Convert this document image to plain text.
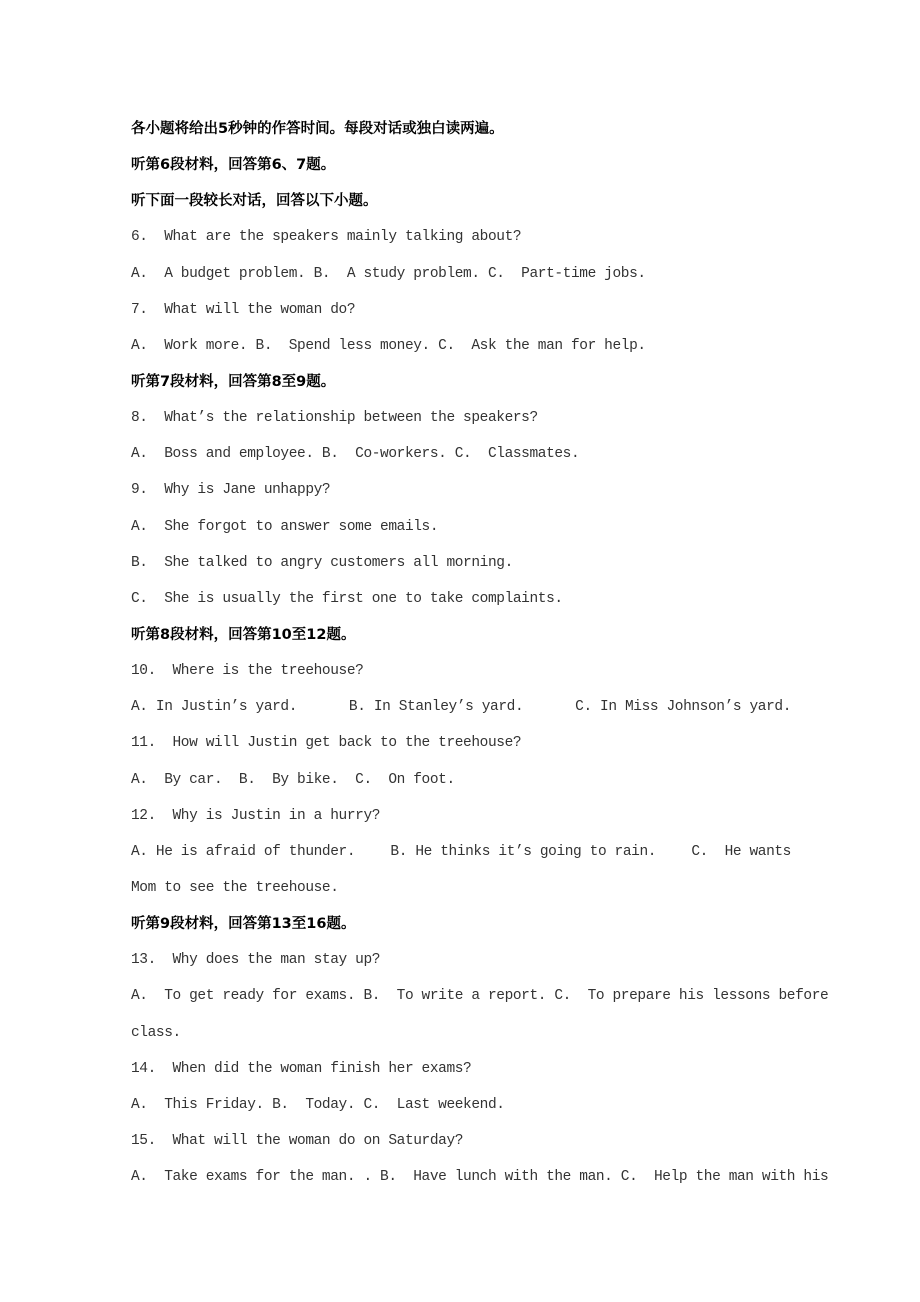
各小题将给出5秒钟的作答时间。每段对话或独白读两遍。
听第6段材料，回答第6、7题。
听下面一段较长对话，回答以下小题。
6.  What are the speakers mainly talking about?
A.  A budget problem. B.  A study problem. C.  Part-time jobs.
7.  What will the woman do?
A.  Work more. B.  Spend less money. C.  Ask the man for help.
听第7段材料，回答第8至9题。
8.  What’s the relationship between the speakers?
A.  Boss and employee. B.  Co-workers. C.  Classmates.
9.  Why is Jane unhappy?
A.  She forgot to answer some emails.
B.  She talked to angry customers all morning.
C.  She is usually the first one to take complaints.
听第8段材料，回答第10至12题。
10.  Where is the treehouse?
A. In Justin’s yard.	B. In Stanley’s yard.	C. In Miss Johnson’s yard.
11.  How will Justin get back to the treehouse?
A.  By car.  B.  By bike.  C.  On foot.
12.  Why is Justin in a hurry?
A. He is afraid of thunder. B. He thinks it’s going to rain. C.  He wants
Mom to see the treehouse.
听第9段材料，回答第13至16题。
13.  Why does the man stay up?
A.  To get ready for exams. B.  To write a report. C.  To prepare his lessons before
class.
14.  When did the woman finish her exams?
A.  This Friday. B.  Today. C.  Last weekend.
15.  What will the woman do on Saturday?
A.  Take exams for the man. . B.  Have lunch with the man. C.  Help the man with his
